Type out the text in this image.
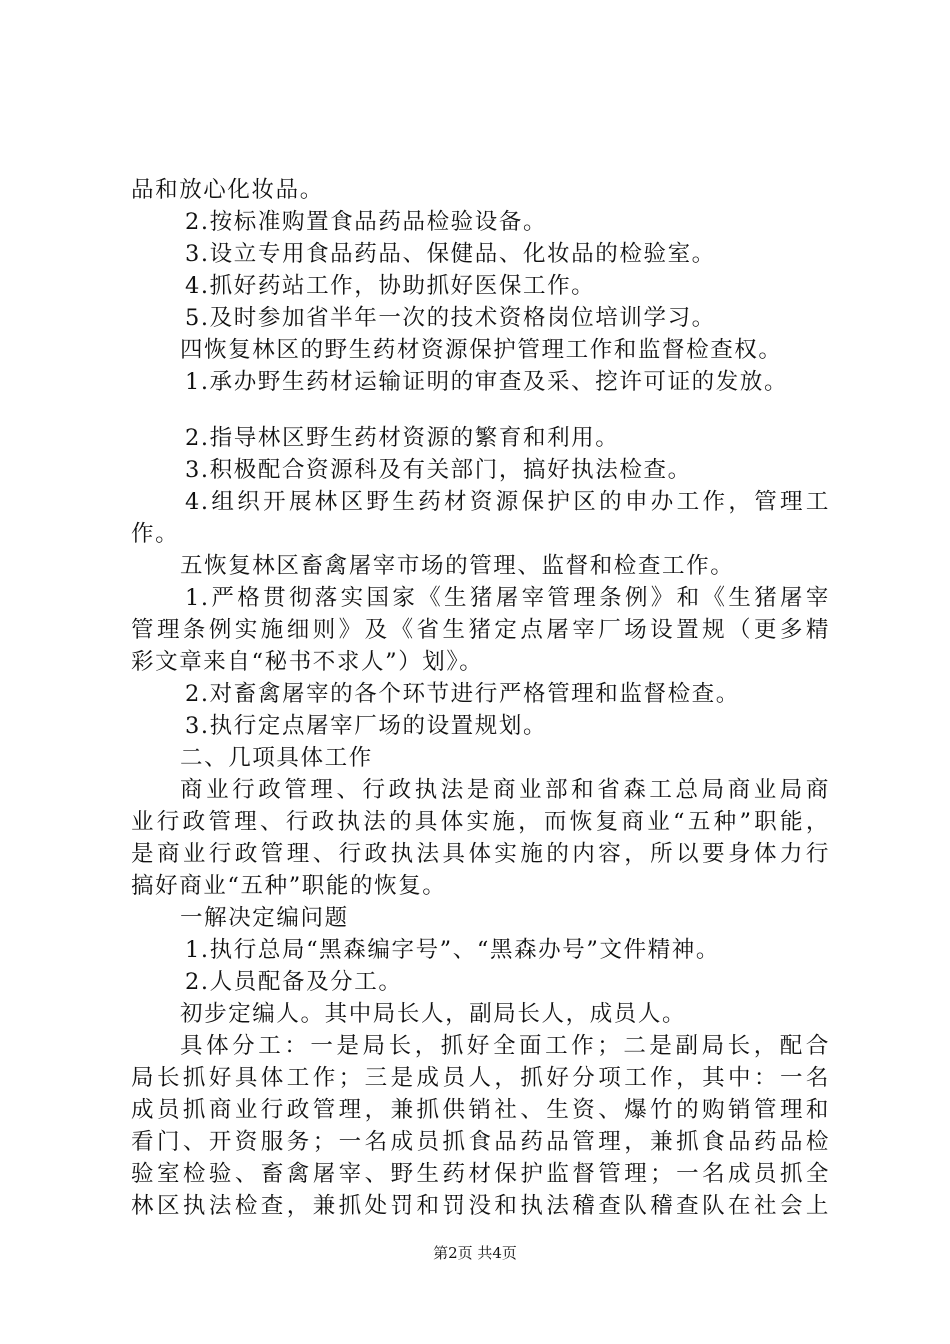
品和放心化妆品。
2.按标准购置食品药品检验设备。
3.设立专用食品药品、保健品、化妆品的检验室。
4.抓好药站工作，协助抓好医保工作。
5.及时参加省半年一次的技术资格岗位培训学习。
四恢复林区的野生药材资源保护管理工作和监督检查权。
1.承办野生药材运输证明的审查及采、挖许可证的发放。
2.指导林区野生药材资源的繁育和利用。
3.积极配合资源科及有关部门，搞好执法检查。
4.组织开展林区野生药材资源保护区的申办工作，管理工
作。
五恢复林区畜禽屠宰市场的管理、监督和检查工作。
1.严格贯彻落实国家《生猪屠宰管理条例》和《生猪屠宰
管理条例实施细则》及《省生猪定点屠宰厂场设置规（更多精
彩文章来自“秘书不求人”）划》。
2.对畜禽屠宰的各个环节进行严格管理和监督检查。
3.执行定点屠宰厂场的设置规划。
二、几项具体工作
商业行政管理、行政执法是商业部和省森工总局商业局商
业行政管理、行政执法的具体实施，而恢复商业“五种”职能，
是商业行政管理、行政执法具体实施的内容，所以要身体力行
搞好商业“五种”职能的恢复。
一解决定编问题
1.执行总局“黑森编字号”、“黑森办号”文件精神。
2.人员配备及分工。
初步定编人。其中局长人，副局长人，成员人。
具体分工：一是局长，抓好全面工作；二是副局长，配合
局长抓好具体工作；三是成员人，抓好分项工作，其中：一名
成员抓商业行政管理，兼抓供销社、生资、爆竹的购销管理和
看门、开资服务；一名成员抓食品药品管理，兼抓食品药品检
验室检验、畜禽屠宰、野生药材保护监督管理；一名成员抓全
林区执法检查，兼抓处罚和罚没和执法稽查队稽查队在社会上
第2页 共4页
